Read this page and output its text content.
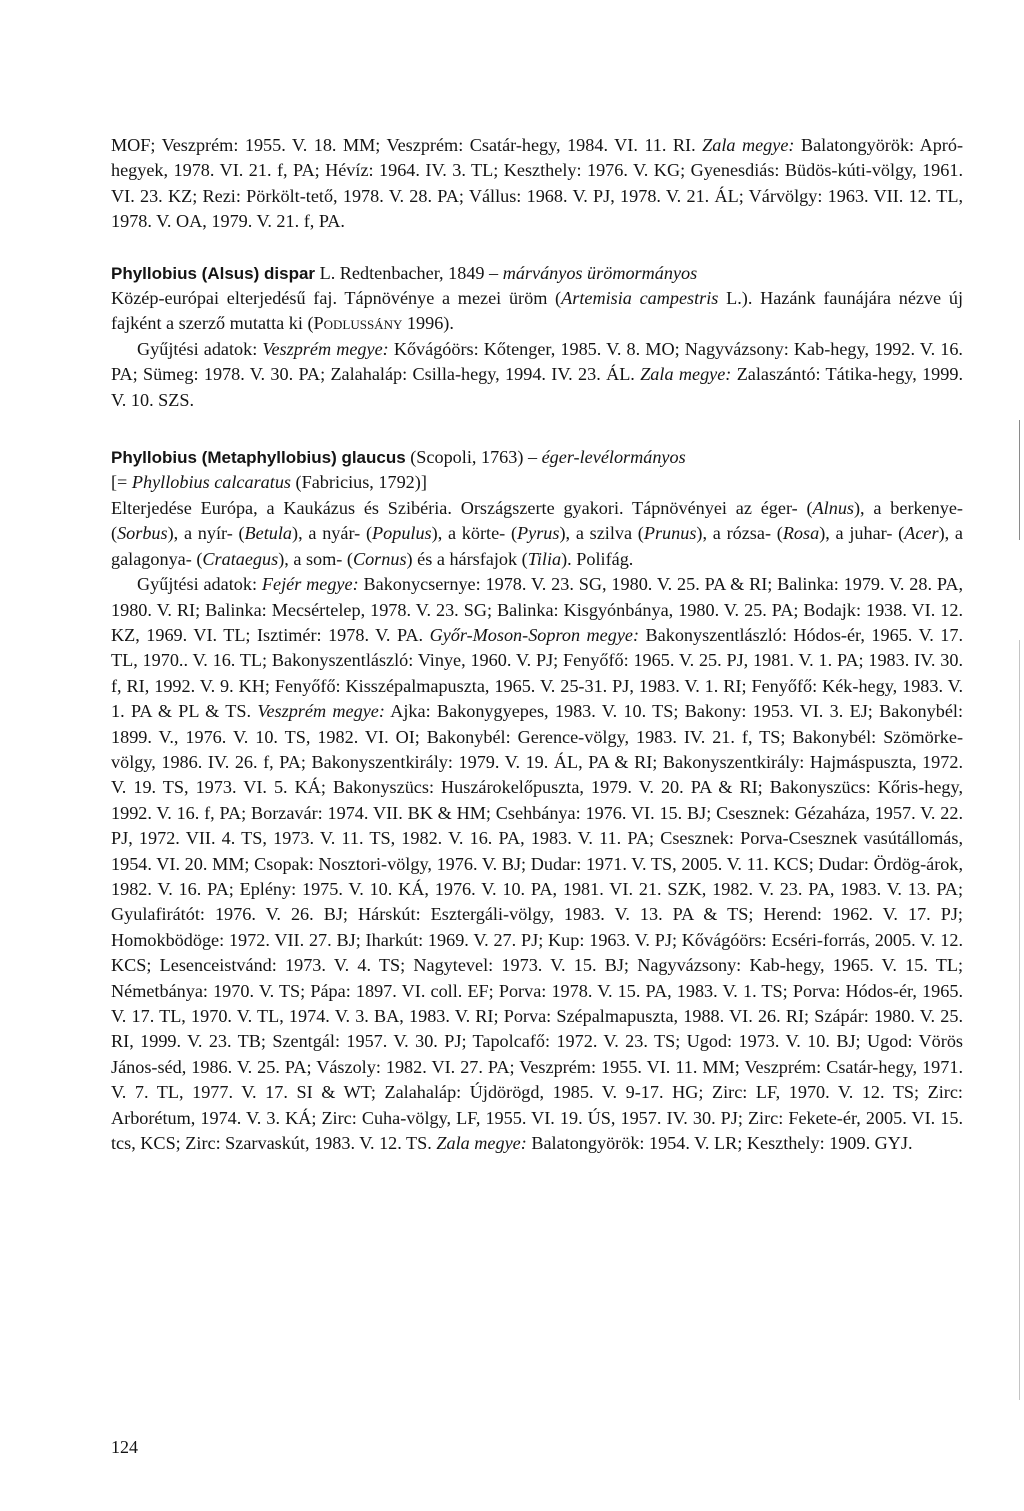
MOF; Veszprém: 1955. V. 18. MM; Veszprém: Csatár-hegy, 1984. VI. 11. RI. Zala megye: Balatongyörök: Apró-hegyek, 1978. VI. 21. f, PA; Hévíz: 1964. IV. 3. TL; Keszthely: 1976. V. KG; Gyenesdiás: Büdös-kúti-völgy, 1961. VI. 23. KZ; Rezi: Pörkölt-tető, 1978. V. 28. PA; Vállus: 1968. V. PJ, 1978. V. 21. ÁL; Várvölgy: 1963. VII. 12. TL, 1978. V. OA, 1979. V. 21. f, PA.

Phyllobius (Alsus) dispar L. Redtenbacher, 1849 – márványos ürömormányos

Közép-európai elterjedésű faj. Tápnövénye a mezei üröm (Artemisia campestris L.). Hazánk faunájára nézve új fajként a szerző mutatta ki (Podlussány 1996).

Gyűjtési adatok: Veszprém megye: Kővágóörs: Kőtenger, 1985. V. 8. MO; Nagyvázsony: Kab-hegy, 1992. V. 16. PA; Sümeg: 1978. V. 30. PA; Zalahaláp: Csilla-hegy, 1994. IV. 23. ÁL. Zala megye: Zalaszántó: Tátika-hegy, 1999. V. 10. SZS.

Phyllobius (Metaphyllobius) glaucus (Scopoli, 1763) – éger-levélormányos

[= Phyllobius calcaratus (Fabricius, 1792)]

Elterjedése Európa, a Kaukázus és Szibéria. Országszerte gyakori. Tápnövényei az éger- (Alnus), a berkenye- (Sorbus), a nyír- (Betula), a nyár- (Populus), a körte- (Pyrus), a szilva (Prunus), a rózsa- (Rosa), a juhar- (Acer), a galagonya- (Crataegus), a som- (Cornus) és a hársfajok (Tilia). Polifág.

Gyűjtési adatok: Fejér megye: Bakonycsernye: 1978. V. 23. SG, 1980. V. 25. PA & RI; Balinka: 1979. V. 28. PA, 1980. V. RI; Balinka: Mecsértelep, 1978. V. 23. SG; Balinka: Kisgyónbánya, 1980. V. 25. PA; Bodajk: 1938. VI. 12. KZ, 1969. VI. TL; Isztimér: 1978. V. PA. Győr-Moson-Sopron megye: Bakonyszentlászló: Hódos-ér, 1965. V. 17. TL, 1970.. V. 16. TL; Bakonyszentlászló: Vinye, 1960. V. PJ; Fenyőfő: 1965. V. 25. PJ, 1981. V. 1. PA; 1983. IV. 30. f, RI, 1992. V. 9. KH; Fenyőfő: Kisszépalmapuszta, 1965. V. 25-31. PJ, 1983. V. 1. RI; Fenyőfő: Kék-hegy, 1983. V. 1. PA & PL & TS. Veszprém megye: Ajka: Bakonygyepes, 1983. V. 10. TS; Bakony: 1953. VI. 3. EJ; Bakonybél: 1899. V., 1976. V. 10. TS, 1982. VI. OI; Bakonybél: Gerence-völgy, 1983. IV. 21. f, TS; Bakonybél: Szömörke-völgy, 1986. IV. 26. f, PA; Bakonyszentkirály: 1979. V. 19. ÁL, PA & RI; Bakonyszentkirály: Hajmáspuszta, 1972. V. 19. TS, 1973. VI. 5. KÁ; Bakonyszücs: Huszárokelőpuszta, 1979. V. 20. PA & RI; Bakonyszücs: Kőris-hegy, 1992. V. 16. f, PA; Borzavár: 1974. VII. BK & HM; Csehbánya: 1976. VI. 15. BJ; Csesznek: Gézaháza, 1957. V. 22. PJ, 1972. VII. 4. TS, 1973. V. 11. TS, 1982. V. 16. PA, 1983. V. 11. PA; Csesznek: Porva-Csesznek vasútállomás, 1954. VI. 20. MM; Csopak: Nosztori-völgy, 1976. V. BJ; Dudar: 1971. V. TS, 2005. V. 11. KCS; Dudar: Ördög-árok, 1982. V. 16. PA; Eplény: 1975. V. 10. KÁ, 1976. V. 10. PA, 1981. VI. 21. SZK, 1982. V. 23. PA, 1983. V. 13. PA; Gyulafirátót: 1976. V. 26. BJ; Hárskút: Esztergáli-völgy, 1983. V. 13. PA & TS; Herend: 1962. V. 17. PJ; Homokbödöge: 1972. VII. 27. BJ; Iharkút: 1969. V. 27. PJ; Kup: 1963. V. PJ; Kővágóörs: Ecséri-forrás, 2005. V. 12. KCS; Lesenceistvánd: 1973. V. 4. TS; Nagytevel: 1973. V. 15. BJ; Nagyvázsony: Kab-hegy, 1965. V. 15. TL; Németbánya: 1970. V. TS; Pápa: 1897. VI. coll. EF; Porva: 1978. V. 15. PA, 1983. V. 1. TS; Porva: Hódos-ér, 1965. V. 17. TL, 1970. V. TL, 1974. V. 3. BA, 1983. V. RI; Porva: Szépalmapuszta, 1988. VI. 26. RI; Szápár: 1980. V. 25. RI, 1999. V. 23. TB; Szentgál: 1957. V. 30. PJ; Tapolcafő: 1972. V. 23. TS; Ugod: 1973. V. 10. BJ; Ugod: Vörös János-séd, 1986. V. 25. PA; Vászoly: 1982. VI. 27. PA; Veszprém: 1955. VI. 11. MM; Veszprém: Csatár-hegy, 1971. V. 7. TL, 1977. V. 17. SI & WT; Zalahaláp: Újdörögd, 1985. V. 9-17. HG; Zirc: LF, 1970. V. 12. TS; Zirc: Arborétum, 1974. V. 3. KÁ; Zirc: Cuha-völgy, LF, 1955. VI. 19. ÚS, 1957. IV. 30. PJ; Zirc: Fekete-ér, 2005. VI. 15. tcs, KCS; Zirc: Szarvaskút, 1983. V. 12. TS. Zala megye: Balatongyörök: 1954. V. LR; Keszthely: 1909. GYJ.

124
